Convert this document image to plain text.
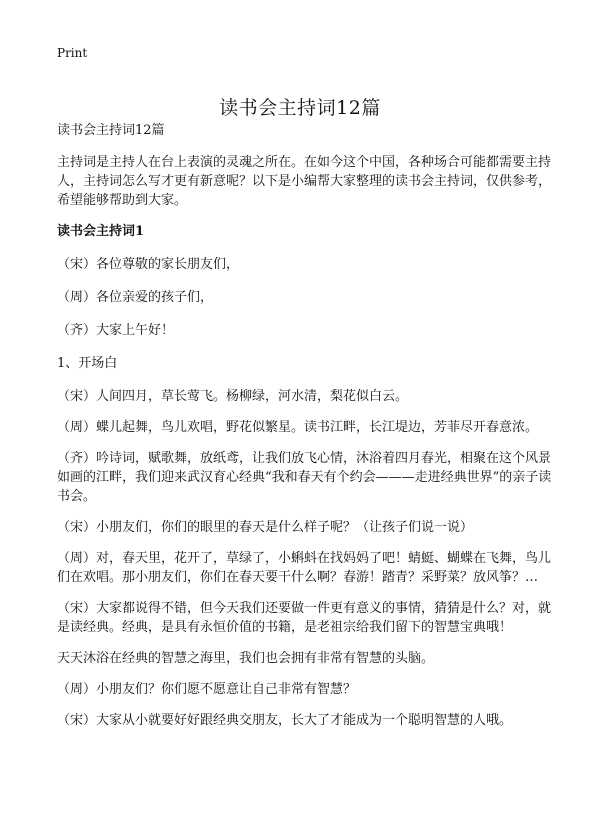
Print
读书会主持词12篇

读书会主持词12篇

主持词是主持人在台上表演的灵魂之所在。在如今这个中国，各种场合可能都需要主持人，主持词怎么写才更有新意呢？以下是小编帮大家整理的读书会主持词，仅供参考，希望能够帮助到大家。

读书会主持词1

（宋）各位尊敬的家长朋友们，

（周）各位亲爱的孩子们，

（齐）大家上午好！

1、开场白

（宋）人间四月，草长莺飞。杨柳绿，河水清，梨花似白云。

（周）蝶儿起舞，鸟儿欢唱，野花似繁星。读书江畔，长江堤边，芳菲尽开春意浓。

（齐）吟诗词，赋歌舞，放纸鸢，让我们放飞心情，沐浴着四月春光，相聚在这个风景如画的江畔，我们迎来武汉育心经典“我和春天有个约会———走进经典世界”的亲子读书会。

（宋）小朋友们，你们的眼里的春天是什么样子呢？（让孩子们说一说）

（周）对，春天里，花开了，草绿了，小蝌蚪在找妈妈了吧！蜻蜓、蝴蝶在飞舞，鸟儿们在欢唱。那小朋友们，你们在春天要干什么啊？春游！踏青？采野菜？放风筝？…

（宋）大家都说得不错，但今天我们还要做一件更有意义的事情，猜猜是什么？对，就是读经典。经典，是具有永恒价值的书籍，是老祖宗给我们留下的智慧宝典哦！

天天沐浴在经典的智慧之海里，我们也会拥有非常有智慧的头脑。

（周）小朋友们？你们愿不愿意让自己非常有智慧？

（宋）大家从小就要好好跟经典交朋友，长大了才能成为一个聪明智慧的人哦。
